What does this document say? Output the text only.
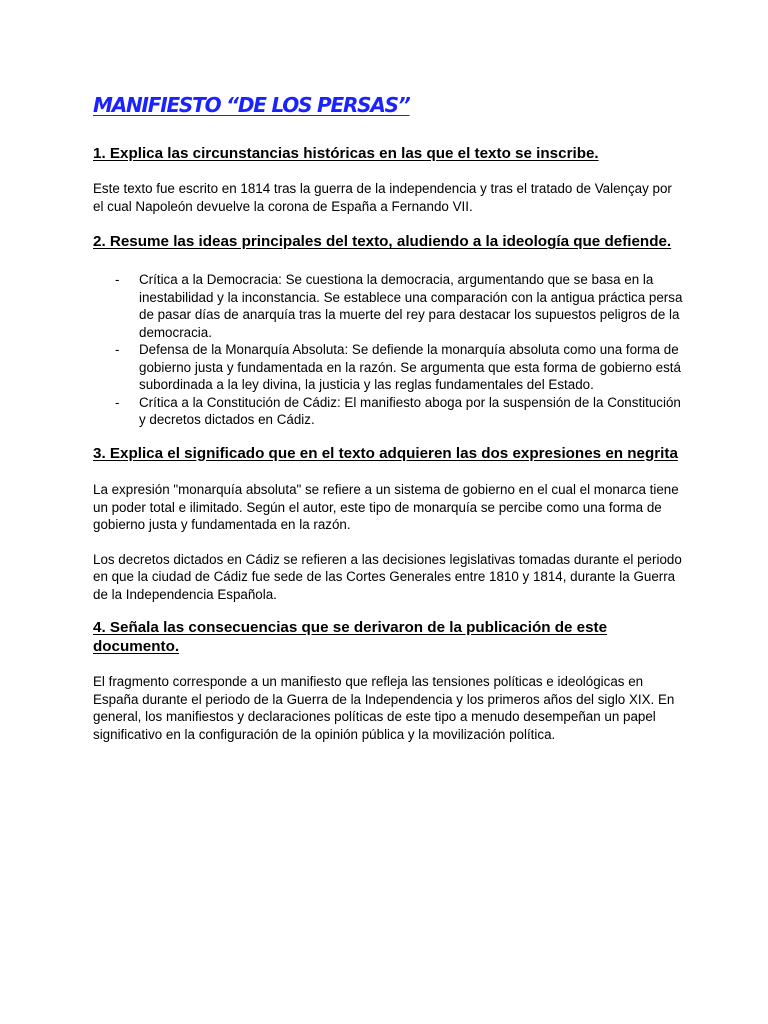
MANIFIESTO “DE LOS PERSAS”
1. Explica las circunstancias históricas en las que el texto se inscribe.

Este texto fue escrito en 1814 tras la guerra de la independencia y tras el tratado de Valençay por el cual Napoleón devuelve la corona de España a Fernando VII.

2. Resume las ideas principales del texto, aludiendo a la ideología que defiende.
- Crítica a la Democracia: Se cuestiona la democracia, argumentando que se basa en la inestabilidad y la inconstancia. Se establece una comparación con la antigua práctica persa de pasar días de anarquía tras la muerte del rey para destacar los supuestos peligros de la democracia.
- Defensa de la Monarquía Absoluta: Se defiende la monarquía absoluta como una forma de gobierno justa y fundamentada en la razón. Se argumenta que esta forma de gobierno está subordinada a la ley divina, la justicia y las reglas fundamentales del Estado.
- Crítica a la Constitución de Cádiz: El manifiesto aboga por la suspensión de la Constitución y decretos dictados en Cádiz.
3. Explica el significado que en el texto adquieren las dos expresiones en negrita

La expresión "monarquía absoluta" se refiere a un sistema de gobierno en el cual el monarca tiene un poder total e ilimitado. Según el autor, este tipo de monarquía se percibe como una forma de gobierno justa y fundamentada en la razón.

Los decretos dictados en Cádiz se refieren a las decisiones legislativas tomadas durante el periodo en que la ciudad de Cádiz fue sede de las Cortes Generales entre 1810 y 1814, durante la Guerra de la Independencia Española.

4. Señala las consecuencias que se derivaron de la publicación de este documento.

El fragmento corresponde a un manifiesto que refleja las tensiones políticas e ideológicas en España durante el periodo de la Guerra de la Independencia y los primeros años del siglo XIX. En general, los manifiestos y declaraciones políticas de este tipo a menudo desempeñan un papel significativo en la configuración de la opinión pública y la movilización política.
